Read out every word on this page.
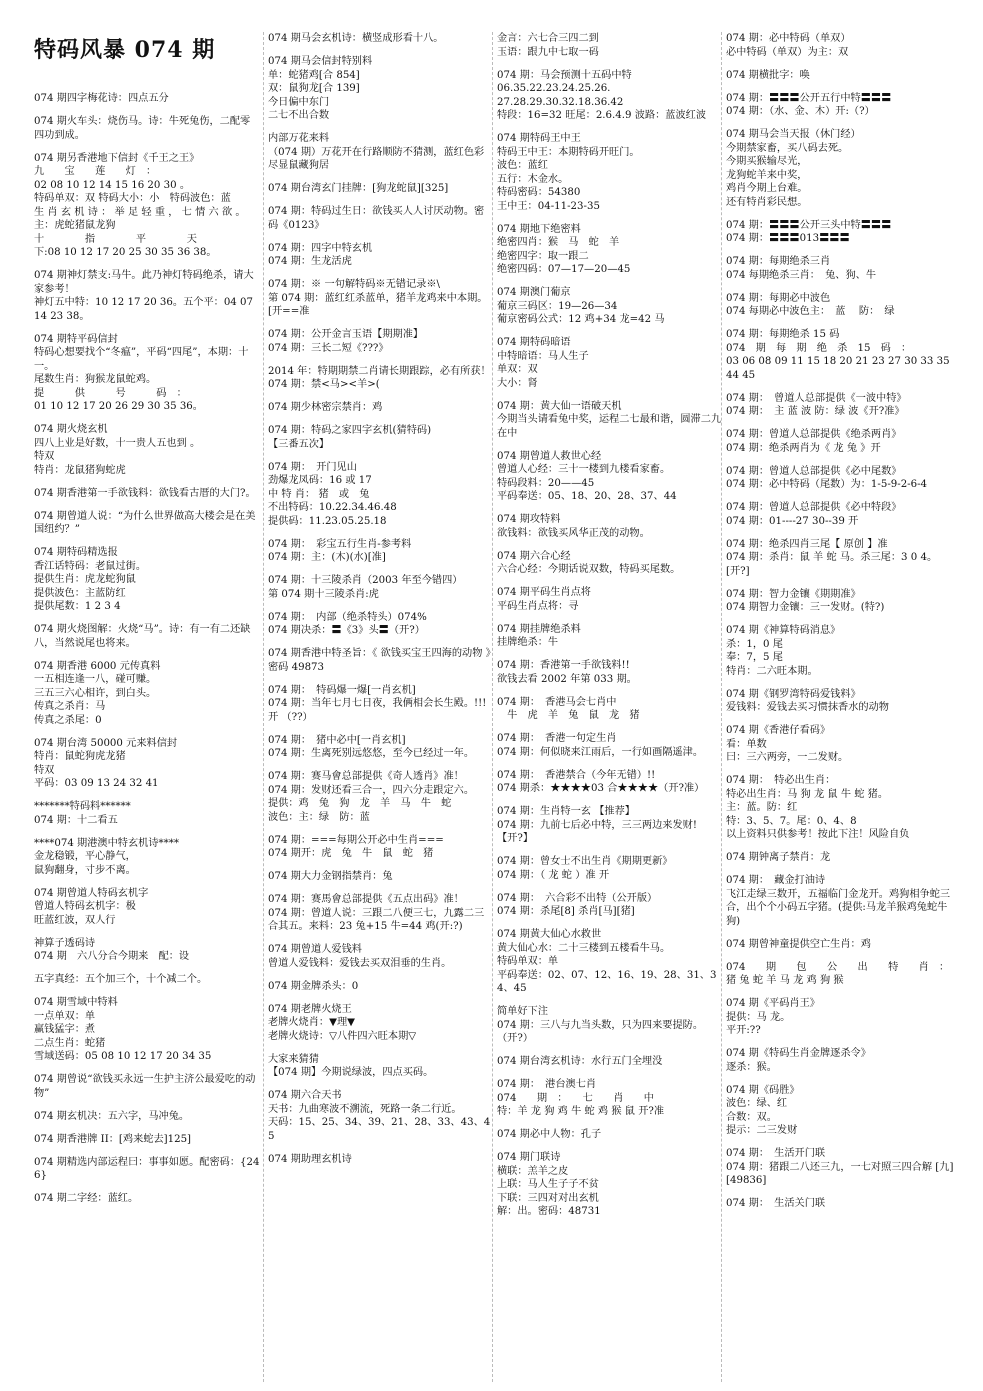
特码风暴 074 期
074 期四字梅花诗：四点五分
074 期火车头：烧伤马。诗：牛死兔伤，二配零四功到成。
074 期另香港地下信封《千王之王》
九　　宝　　莲　　灯　：
02 08 10 12 14 15 16 20 30 。
特码单双：双 特码大小：小　特码波色：蓝
生 肖 玄 机 诗 ： 举 足 轻 重 ， 七 情 六 欲 。
主：虎蛇猪鼠龙狗
十　　　　指　　　　平　　　　天
下:08 10 12 17 20 25 30 35 36 38。
074 期神灯禁支:马牛。此乃神灯特码绝杀，请大家参考！
神灯五中特：10 12 17 20 36。五个平：04 07 14 23 38。
074 期特平码信封
特码心想要找个“冬瘟”，平码“四尾”，本期：十一。
尾数生肖：狗猴龙鼠蛇鸡。
提　　　供　　　号　　　码　：
01 10 12 17 20 26 29 30 35 36。
074 期火烧玄机
四八上业是好数，十一贵人五也到 。
特双
特肖：龙鼠猪狗蛇虎
074 期香港第一手欲钱料：欲钱看古厝的大门?。
074 期曾道人说：“为什么世界做高大楼会是在美国纽约？”
074 期特码精选报
香江话特码：老鼠过街。
提供生肖：虎龙蛇狗鼠
提供波色：主蓝防红
提供尾数：1 2 3 4
074 期火烧图解：火烧“马”。诗：有一有二还缺八，当然说尾也将来。
074 期香港 6000 元传真料
一五相连逢一八，碰可赚。
三五三六心相许，到白头。
传真之杀肖：马
传真之杀尾：0
074 期台湾 50000 元来料信封
特肖：鼠蛇狗虎龙猪
特双
平码：03 09 13 24 32 41
*******特码料******
074 期：十二看五
****074 期港澳中特玄机诗****
金龙稳锻，平心静气，
鼠狗翻身，寸步不离。
074 期曾道人特码玄机字
曾道人特码玄机字：极
旺蓝红波，双人行
神算子透码诗
074 期　六八分合今期来　配：设
五字真经：五个加三个，十个减二个。
074 期雪域中特料
一点单双：单
赢钱猛字：煮
二点生肖：蛇猪
雪域送码：05 08 10 12 17 20 34 35
074 期曾说“欲钱买永远一生护主济公最爱吃的动物”
074 期玄机决：五六字，马冲兔。
074 期香港牌 II：[鸡来蛇去]125]
074 期精选内部运程曰：事事如愿。配密码：{246}
074 期二字经：蓝红。
074 期马会玄机诗：横竖成形看十八。
074 期马会信封特别料
单：蛇猪鸡[合 854]
双：鼠狗龙[合 139]
今日偏中东门
二七不出合数
内部万花来料
（074 期）万花开在行路顺防不猜测，蓝红色彩尽显鼠藏狗居
074 期台湾玄门挂牌：[狗龙蛇鼠][325]
074 期：特码过生日：欲钱买人人讨厌动物。密码《0123》
074 期：四字中特玄机
074 期：生龙活虎
074 期：※ 一句解特码※无错记录※\
第 074 期：蓝红红杀蓝单，猪羊龙鸡来中本期。[开==准
074 期：公开金言玉语【期期准】
074 期：三长二短《???》
2014 年：特期期禁二肖请长期跟踪，必有所获！
074 期：禁<马><羊>(
074 期少林密宗禁肖：鸡
074 期：特码之家四字玄机(猜特码)
【三番五次】
074 期：　开门见山
劲爆龙凤码：16 或 17
中 特 肖： 猪　或　兔
不出特码：10.22.34.46.48
提供码：11.23.05.25.18
074 期：　彩宝五行生肖-参考料
074 期：主：(木)(水)[准]
074 期：十三陵杀肖（2003 年至今错四）
第 074 期十三陵杀肖:虎
074 期：　内部（绝杀特头）074%
074 期决杀：〓《3》头〓（开?）
074 期香港中特圣旨：《 欲钱买宝王四海的动物 》密码 49873
074 期：　特码爆一爆[一肖玄机]
074 期：当年七月七日夜，我俩相会长生殿。!!!　开 （??）
074 期：　猪中必中[一肖玄机]
074 期：生离死别远悠悠，至今已经过一年。
074 期：赛马會总部提供《奇人透肖》准！
074 期：发财还看三合一，四六分走跟定六。
提供：鸡　兔　狗　龙　羊　马　牛　蛇
波色：主：绿　防：蓝
074 期：===每期公开必中生肖===
074 期开：虎　兔　牛　鼠　蛇　猪
074 期大力金钢指禁肖：兔
074 期：赛馬會总部提供《五点出码》准！
074 期：曾道人说：三跟二八便三七，九露二三合其五。来料：23 兔+15 牛=44 鸡(开:?)
074 期曾道人爱钱料
曾道人爱钱料：爱钱去买双泪垂的生肖。
074 期金牌杀头：0
074 期老牌火烧王
老牌火烧肖：▼理▼
老牌火烧诗：▽八件四六旺本期▽
大家来猜猜
【074 期】今期说绿波，四点买码。
074 期六合天书
天书：九曲寒波不溯流，死路一条二行近。
天码：15、25、34、39、21、28、33、43、45
074 期助理玄机诗
金言：六七合三四二到
玉语：跟九中七取一码
074 期：马会预测十五码中特
06.35.22.23.24.25.26.
27.28.29.30.32.18.36.42
特段：16=32 旺尾：2.6.4.9 波路：蓝波红波
074 期特码王中王
特码王中王：本期特码开旺门。
波色：蓝红
五行：木金水。
特码密码：54380
王中王：04-11-23-35
074 期地下绝密料
绝密四肖：猴　马　蛇　羊
绝密四字：取一跟二
绝密四码：07—17—20—45
074 期澳门葡京
葡京三码区：19—26—34
葡京密码公式：12 鸡+34 龙=42 马
074 期特码暗语
中特暗语：马人生子
单双：双
大小：肾
074 期：黄大仙一语破天机
今期当头请看兔中奖，运程二七最和谐，圆滞二九在中
074 期曾道人救世心经
曾道人心经：三十一楼到九楼看家畜。
特码段料：20——45
平码奉送：05、18、20、28、37、44
074 期攻特料
欲钱料：欲钱买风华正茂的动物。
074 期六合心经
六合心经：今期话说双数，特码买尾数。
074 期平码生肖点将
平码生肖点将：寻
074 期挂牌绝杀料
挂牌绝杀：牛
074 期：香港第一手欲钱料!!
欲钱去看 2002 年第 033 期。
074 期：　香港马会七肖中
　牛　虎　羊　兔　鼠　龙　猪
074 期：　香港一句定生肖
074 期：何似晓来江雨后，一行如画隔遥津。
074 期：　香港禁合（今年无错）!!
074 期杀：★★★★03 合★★★★（开?准）
074 期：生肖特一玄 【推荐】
074 期：九前七后必中特，三三两边来发财!【开?】
074 期：曾女士不出生肖《期期更新》
074 期：（ 龙 蛇 ）准 开
074 期：　六合彩不出特（公开版）
074 期：杀尾[8] 杀肖[马][猪]
074 期黄大仙心水救世
黄大仙心水：二十三楼到五楼看牛马。
特码单双：单
平码奉送：02、07、12、16、19、28、31、34、45
简单好下注
074 期：三八与九当头数，只为四来要提防。（开?）
074 期台湾玄机诗：水行五门全埋没
074 期：　港台澳七肖
074　　期　：　　七　　肖　　中
特：羊 龙 狗 鸡 牛 蛇 鸡 猴 鼠 开?准
074 期必中人物：孔子
074 期门联诗
横联：羔羊之皮
上联：马人生子子不贫
下联：三四对对出玄机
解：出。密码：48731
074 期：必中特码（单双）
必中特码（单双）为主：双
074 期横批字：唤
074 期：〓〓〓公开五行中特〓〓〓
074 期：（水、金、木）开:（?）
074 期马会当天报（休门经）
今期禁家畜，买八码去死。
今期买猴输尽光，
龙狗蛇羊来中奖，
鸡肖今期上台难。
还有特肖彩民想。
074 期：〓〓〓公开三头中特〓〓〓
074 期：〓〓〓013〓〓〓
074 期：每期绝杀三肖
074 每期绝杀三肖：　兔、狗、牛
074 期：每期必中波色
074 每期必中波色主：　蓝　 防：　绿
074 期：每期绝杀 15 码
074　期　每　期　绝　杀　15　码　：
03 06 08 09 11 15 18 20 21 23 27 30 33 35 44 45
074 期：　曾道人总部提供《一波中特》
074 期：　主 蓝 波 防：绿 波《开?准》
074 期：曾道人总部提供《绝杀两肖》
074 期：绝杀两肖为《 龙 兔 》开
074 期：曾道人总部提供《必中尾数》
074 期：必中特码（尾数）为：1-5-9-2-6-4
074 期：曾道人总部提供《必中特段》
074 期：01----27 30--39 开
074 期：绝杀四肖三尾【 原创 】准
074 期：杀肖：鼠 羊 蛇 马。杀三尾：3 0 4。[开?]
074 期：智力金镶《期期准》
074 期智力金镶：三一发财。(特?)
074 期《神算特码消息》
杀：1，0 尾
奉：7，5 尾
特肖：二六旺本期。
074 期《钢罗湾特码爱钱料》
爱钱料：爱钱去买习惯抹香水的动物
074 期《香港仔看码》
看：单数
曰：三六两旁，一二发财。
074 期：　特必出生肖：
特必出生肖：马 狗 龙 鼠 牛 蛇 猪。
主：蓝。防：红
特：3、5、7。尾：0、4、8
以上资料只供参考！按此下注！风险自负
074 期钟离子禁肖：龙
074 期：　藏金打油诗
飞江走绿三数开，五福临门金龙开。鸡狗相争蛇三合，出个个小码五字猪。(提供:马龙羊猴鸡兔蛇牛狗)
074 期曾神童提供空亡生肖：鸡
074　　期　　包　　公　　出　　特　　肖　：
猪 兔 蛇 羊 马 龙 鸡 狗 猴
074 期《平码肖王》
提供：马 龙。
平开:??
074 期《特码生肖金牌逐杀令》
逐杀：猴。
074 期《码胜》
波色：绿、红
合数：双。
提示：二三发财
074 期：　生活开门联
074 期：猪跟二八还三九，一七对照三四合解 [九][49836]
074 期：　生活关门联
